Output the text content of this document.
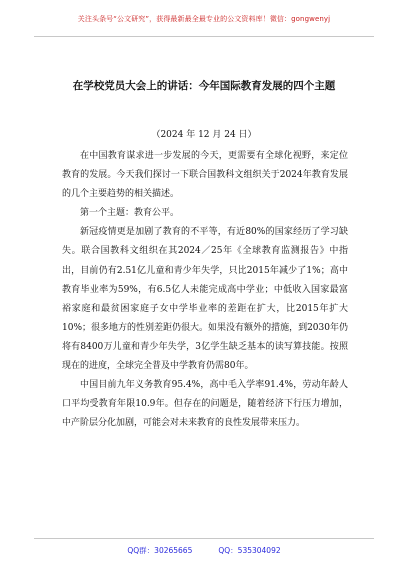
关注头条号“公文研究”，获得最新最全最专业的公文资料库！微信：gongwenyj
在学校党员大会上的讲话：今年国际教育发展的四个主题
（2024 年 12 月 24 日）

在中国教育谋求进一步发展的今天，更需要有全球化视野，来定位教育的发展。今天我们探讨一下联合国教科文组织关于2024年教育发展的几个主要趋势的相关描述。

第一个主题：教育公平。

新冠疫情更是加剧了教育的不平等，有近80%的国家经历了学习缺失。联合国教科文组织在其2024／25年《全球教育监测报告》中指出，目前仍有2.51亿儿童和青少年失学，只比2015年减少了1%；高中教育毕业率为59%，有6.5亿人未能完成高中学业；中低收入国家最富裕家庭和最贫困家庭子女中学毕业率的差距在扩大，比2015年扩大10%；很多地方的性别差距仍很大。如果没有额外的措施，到2030年仍将有8400万儿童和青少年失学，3亿学生缺乏基本的读写算技能。按照现在的进度，全球完全普及中学教育仍需80年。

中国目前九年义务教育95.4%，高中毛入学率91.4%，劳动年龄人口平均受教育年限10.9年。但存在的问题是，随着经济下行压力增加，中产阶层分化加剧，可能会对未来教育的良性发展带来压力。

QQ群：30265665	QQ：535304092
